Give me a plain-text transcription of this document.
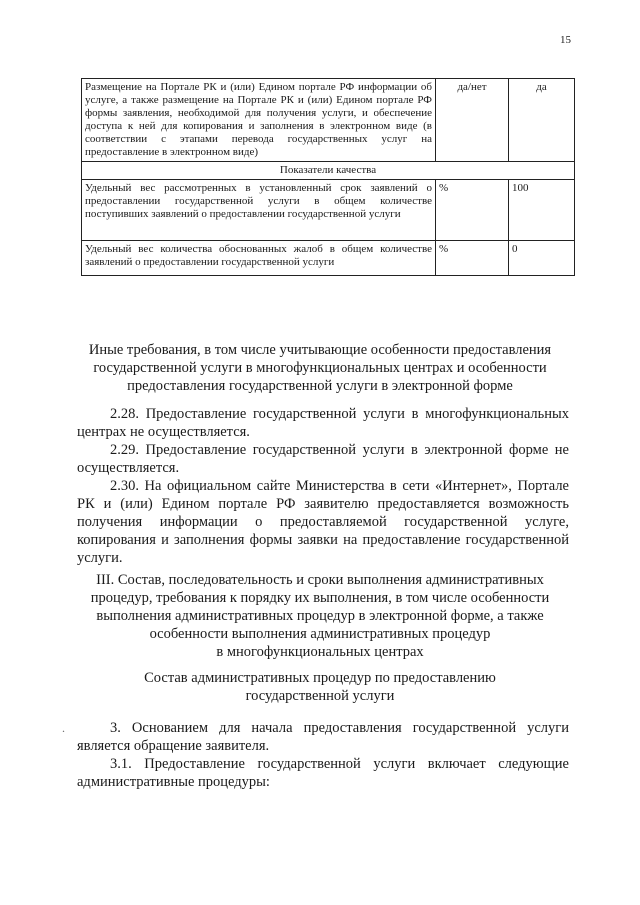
15
Размещение на Портале РК и (или) Едином портале РФ информации об услуге, а также размещение на Портале РК и (или) Едином портале РФ формы заявления, необходимой для получения услуги, и обеспечение доступа к ней для копирования и заполнения в электронном виде (в соответствии с этапами перевода государственных услуг на предоставление в электронном виде)	да/нет	да
Показатели качества		
Удельный вес рассмотренных в установленный срок заявлений о предоставлении государственной услуги в общем количестве поступивших заявлений о предоставлении государственной услуги	%	100
Удельный вес количества обоснованных жалоб в общем количестве заявлений о предоставлении государственной услуги	%	0
Иные требования, в том числе учитывающие особенности предоставления
государственной услуги в многофункциональных центрах и особенности
предоставления государственной услуги в электронной форме

2.28. Предоставление государственной услуги в многофункциональных центрах не осуществляется.

2.29. Предоставление государственной услуги в электронной форме не осуществляется.

2.30. На официальном сайте Министерства в сети «Интернет», Портале РК и (или) Едином портале РФ заявителю предоставляется возможность получения информации о предоставляемой государственной услуге, копирования и заполнения формы заявки на предоставление государственной услуги.

III. Состав, последовательность и сроки выполнения административных
процедур, требования к порядку их выполнения, в том числе особенности
выполнения административных процедур в электронной форме, а также
особенности выполнения административных процедур
в многофункциональных центрах
Состав административных процедур по предоставлению
государственной услуги
.	3. Основанием для начала предоставления государственной услуги является обращение заявителя.

3.1. Предоставление государственной услуги включает следующие административные процедуры:
